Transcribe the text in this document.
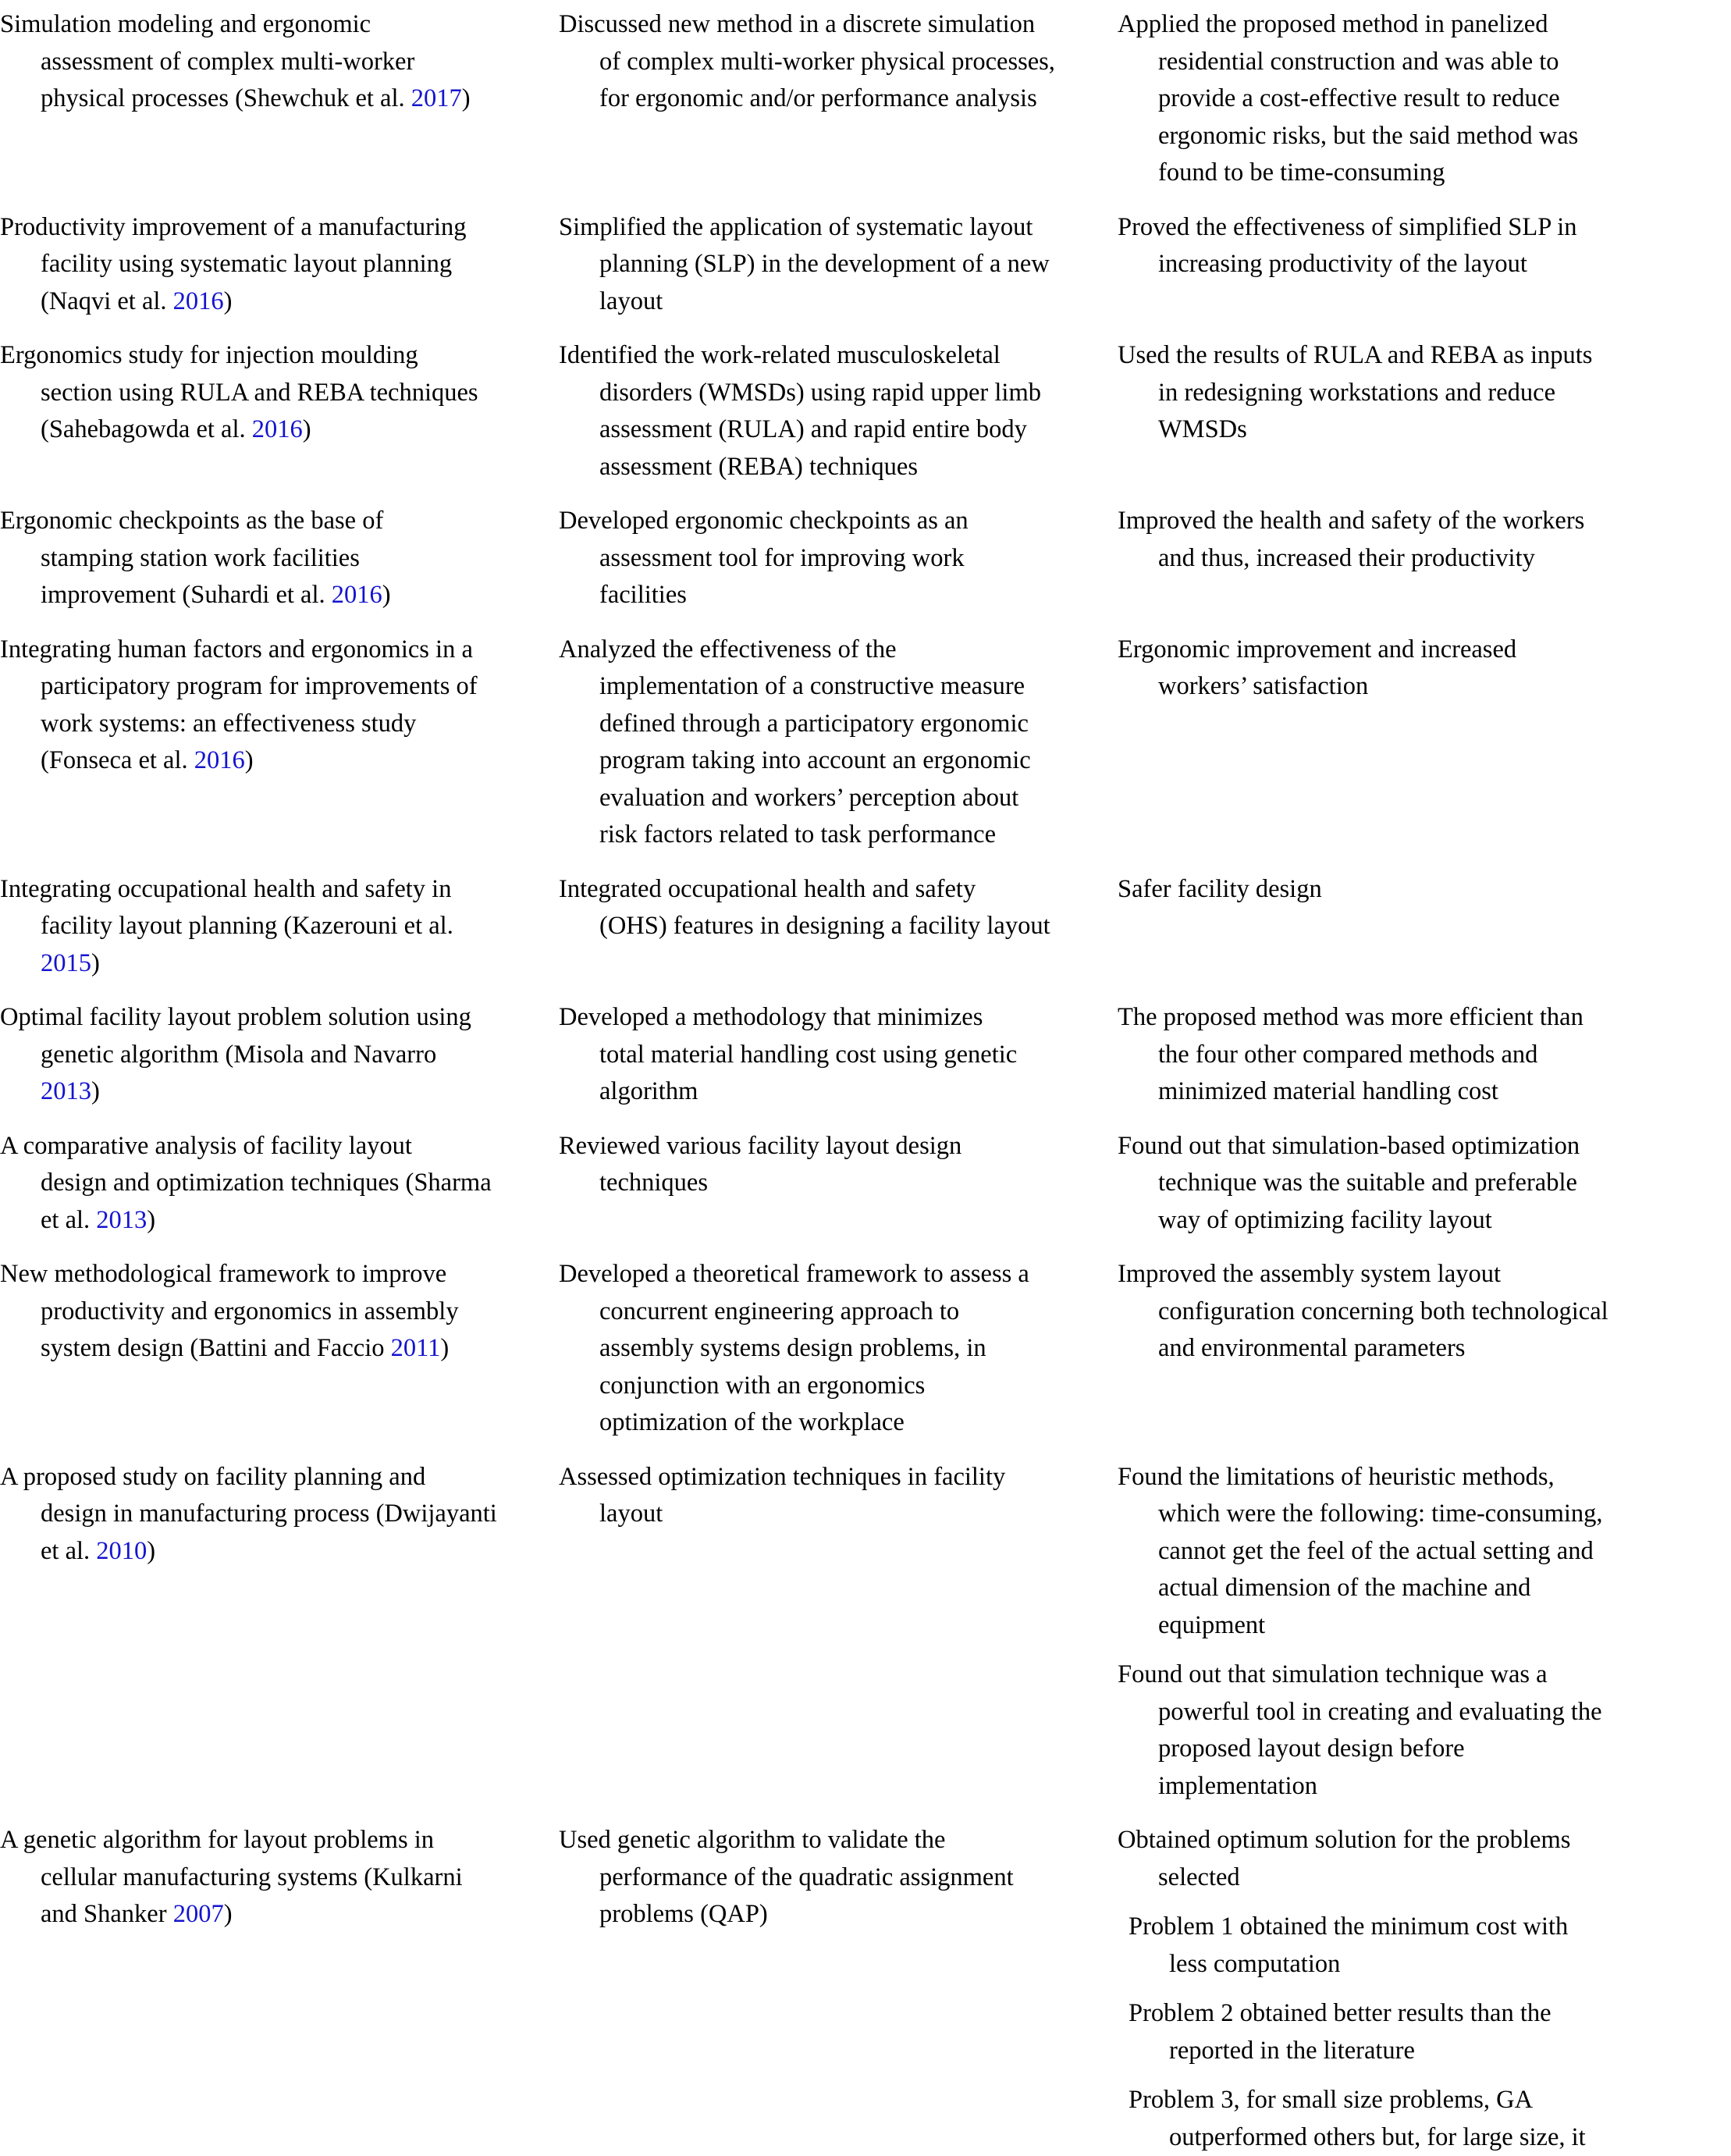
Simulation modeling and ergonomic

assessment of complex multi-worker

physical processes (Shewchuk et al. 2017)

Discussed new method in a discrete simulation

of complex multi-worker physical processes,

for ergonomic and/or performance analysis

Applied the proposed method in panelized

residential construction and was able to

provide a cost-effective result to reduce

ergonomic risks, but the said method was

found to be time-consuming

Productivity improvement of a manufacturing

facility using systematic layout planning

(Naqvi et al. 2016)

Simplified the application of systematic layout

planning (SLP) in the development of a new

layout

Proved the effectiveness of simplified SLP in

increasing productivity of the layout

Ergonomics study for injection moulding

section using RULA and REBA techniques

(Sahebagowda et al. 2016)

Identified the work-related musculoskeletal

disorders (WMSDs) using rapid upper limb

assessment (RULA) and rapid entire body

assessment (REBA) techniques

Used the results of RULA and REBA as inputs

in redesigning workstations and reduce

WMSDs

Ergonomic checkpoints as the base of

stamping station work facilities

improvement (Suhardi et al. 2016)

Developed ergonomic checkpoints as an

assessment tool for improving work

facilities

Improved the health and safety of the workers

and thus, increased their productivity

Integrating human factors and ergonomics in a

participatory program for improvements of

work systems: an effectiveness study

(Fonseca et al. 2016)

Analyzed the effectiveness of the

implementation of a constructive measure

defined through a participatory ergonomic

program taking into account an ergonomic

evaluation and workers’ perception about

risk factors related to task performance

Ergonomic improvement and increased

workers’ satisfaction

Integrating occupational health and safety in

facility layout planning (Kazerouni et al.

2015)

Integrated occupational health and safety

(OHS) features in designing a facility layout

Safer facility design

Optimal facility layout problem solution using

genetic algorithm (Misola and Navarro

2013)

Developed a methodology that minimizes

total material handling cost using genetic

algorithm

The proposed method was more efficient than

the four other compared methods and

minimized material handling cost

A comparative analysis of facility layout

design and optimization techniques (Sharma

et al. 2013)

Reviewed various facility layout design

techniques

Found out that simulation-based optimization

technique was the suitable and preferable

way of optimizing facility layout

New methodological framework to improve

productivity and ergonomics in assembly

system design (Battini and Faccio 2011)

Developed a theoretical framework to assess a

concurrent engineering approach to

assembly systems design problems, in

conjunction with an ergonomics

optimization of the workplace

Improved the assembly system layout

configuration concerning both technological

and environmental parameters

A proposed study on facility planning and

design in manufacturing process (Dwijayanti

et al. 2010)

Assessed optimization techniques in facility

layout

Found the limitations of heuristic methods,

which were the following: time-consuming,

cannot get the feel of the actual setting and

actual dimension of the machine and

equipment

Found out that simulation technique was a

powerful tool in creating and evaluating the

proposed layout design before

implementation

A genetic algorithm for layout problems in

cellular manufacturing systems (Kulkarni

and Shanker 2007)

Used genetic algorithm to validate the

performance of the quadratic assignment

problems (QAP)

Obtained optimum solution for the problems

selected

Problem 1 obtained the minimum cost with

less computation

Problem 2 obtained better results than the

reported in the literature

Problem 3, for small size problems, GA

outperformed others but, for large size, it
